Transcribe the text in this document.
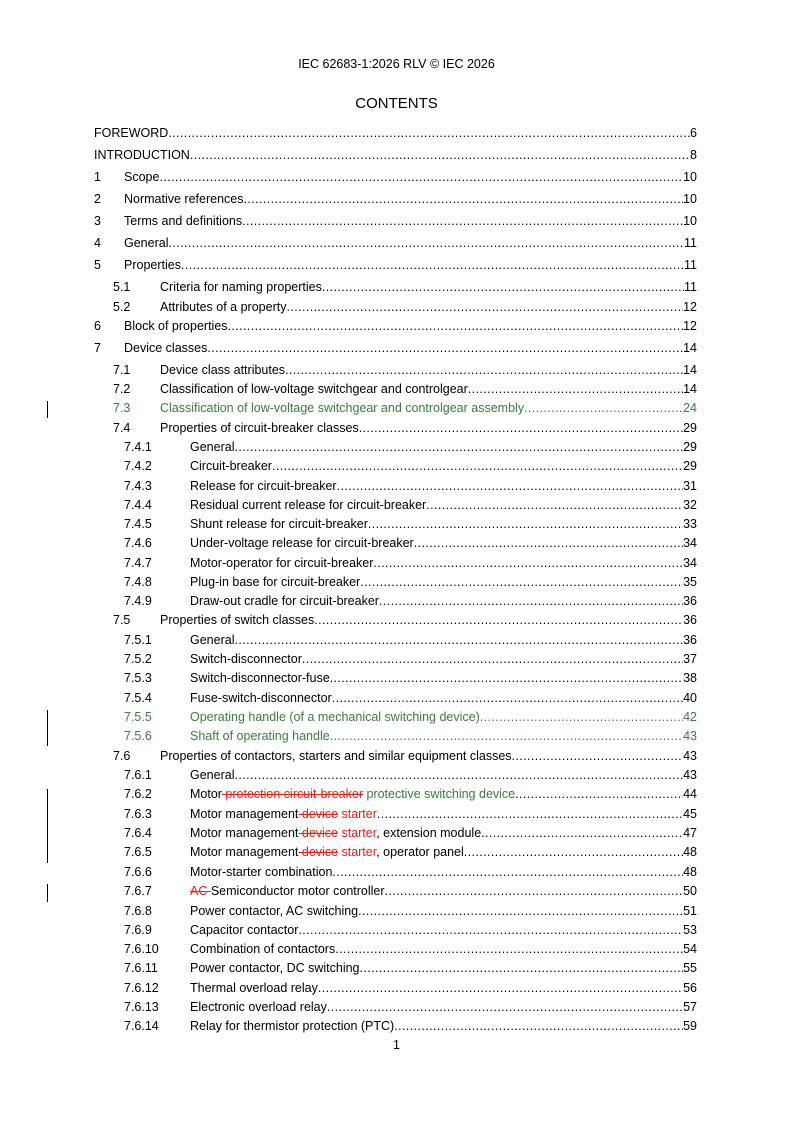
IEC 62683-1:2026 RLV © IEC 2026
CONTENTS
FOREWORD .....	6
INTRODUCTION .....	8
1 Scope .....	10
2 Normative references .....	10
3 Terms and definitions .....	10
4 General .....	11
5 Properties .....	11
5.1 Criteria for naming properties .....	11
5.2 Attributes of a property .....	12
6 Block of properties .....	12
7 Device classes .....	14
7.1 Device class attributes .....	14
7.2 Classification of low-voltage switchgear and controlgear .....	14
7.3 Classification of low-voltage switchgear and controlgear assembly .....	24
7.4 Properties of circuit-breaker classes .....	29
7.4.1	General .....	29
7.4.2	Circuit-breaker .....	29
7.4.3	Release for circuit-breaker .....	31
7.4.4	Residual current release for circuit-breaker .....	32
7.4.5	Shunt release for circuit-breaker .....	33
7.4.6	Under-voltage release for circuit-breaker .....	34
7.4.7	Motor-operator for circuit-breaker .....	34
7.4.8	Plug-in base for circuit-breaker .....	35
7.4.9	Draw-out cradle for circuit-breaker .....	36
7.5 Properties of switch classes .....	36
7.5.1	General .....	36
7.5.2	Switch-disconnector .....	37
7.5.3	Switch-disconnector-fuse .....	38
7.5.4	Fuse-switch-disconnector .....	40
7.5.5	Operating handle (of a mechanical switching device) .....	42
7.5.6	Shaft of operating handle .....	43
7.6 Properties of contactors, starters and similar equipment classes .....	43
7.6.1	General .....	43
7.6.2	Motor protection circuit-breaker protective switching device .....	44
7.6.3	Motor management device starter .....	45
7.6.4	Motor management device starter, extension module .....	47
7.6.5	Motor management device starter, operator panel .....	48
7.6.6	Motor-starter combination .....	48
7.6.7	AC Semiconductor motor controller .....	50
7.6.8	Power contactor, AC switching .....	51
7.6.9	Capacitor contactor .....	53
7.6.10 Combination of contactors .....	54
7.6.11	Power contactor, DC switching .....	55
7.6.12 Thermal overload relay .....	56
7.6.13 Electronic overload relay .....	57
7.6.14 Relay for thermistor protection (PTC) .....	59
1
